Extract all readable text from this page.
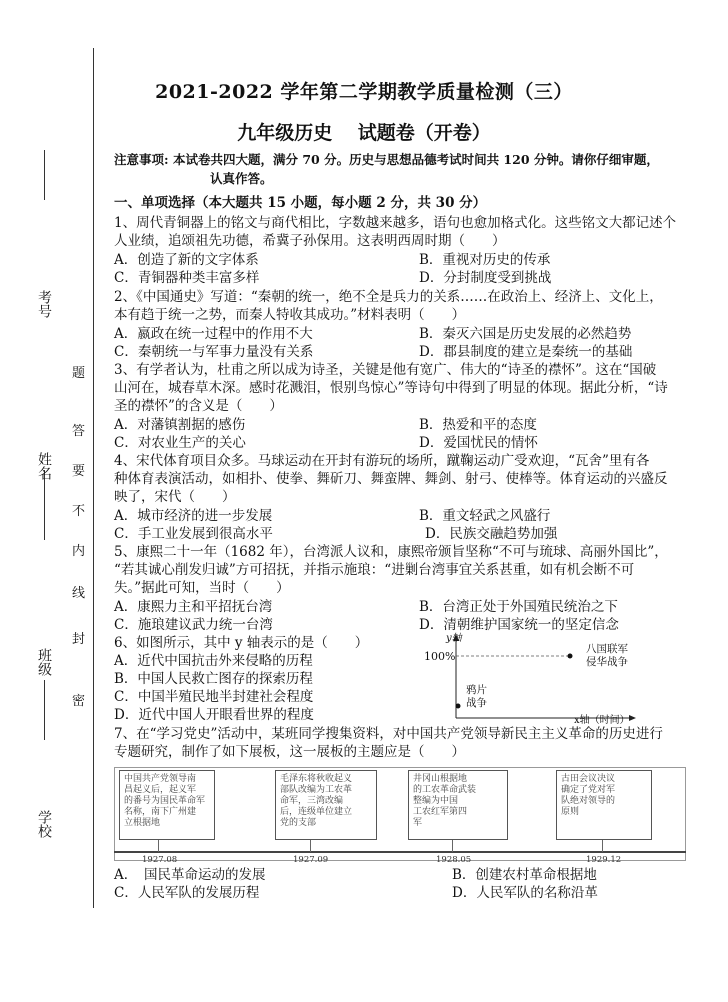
考号
姓名
班级
学校
题
答
要
不
内
线
封
密
2021-2022 学年第二学期教学质量检测（三）
九年级历史　 试题卷（开卷）
注意事项: 本试卷共四大题，满分 70 分。历史与思想品德考试时间共 120 分钟。请你仔细审题，
认真作答。
一、单项选择（本大题共 15 小题，每小题 2 分，共 30 分）
1、周代青铜器上的铭文与商代相比，字数越来越多，语句也愈加格式化。这些铭文大都记述个
人业绩，追颂祖先功德，希冀子孙保用。这表明西周时期（　　）
A．创造了新的文字体系	B．重视对历史的传承
C．青铜器种类丰富多样	D．分封制度受到挑战
2、《中国通史》写道：“秦朝的统一，绝不全是兵力的关系……在政治上、经济上、文化上，
本有趋于统一之势，而秦人特收其成功。”材料表明（　　）
A．嬴政在统一过程中的作用不大	B．秦灭六国是历史发展的必然趋势
C．秦朝统一与军事力量没有关系	D．郡县制度的建立是秦统一的基础
3、有学者认为，杜甫之所以成为诗圣，关键是他有宽广、伟大的“诗圣的襟怀”。这在“国破
山河在，城春草木深。感时花溅泪，恨别鸟惊心”等诗句中得到了明显的体现。据此分析，“诗
圣的襟怀”的含义是（　　）
A．对藩镇割据的感伤	B．热爱和平的态度
C．对农业生产的关心	D．爱国忧民的情怀
4、宋代体育项目众多。马球运动在开封有游玩的场所，蹴鞠运动广受欢迎，“瓦舍”里有各
种体育表演活动，如相扑、使拳、舞斫刀、舞蛮牌、舞剑、射弓、使棒等。体育运动的兴盛反
映了，宋代（　　）
A．城市经济的进一步发展	B．重文轻武之风盛行
C．手工业发展到很高水平	D．民族交融趋势加强
5、康熙二十一年（1682 年），台湾派人议和，康熙帝颁旨坚称“不可与琉球、高丽外国比”，
“若其诚心削发归诚”方可招抚，并指示施琅：“进剿台湾事宜关系甚重，如有机会断不可
失。”据此可知，当时（　　）
A．康熙力主和平招抚台湾	B．台湾正处于外国殖民统治之下
C．施琅建议武力统一台湾	D．清朝维护国家统一的坚定信念
6、如图所示，其中 y 轴表示的是（　　）
A．近代中国抗击外来侵略的历程
B．中国人民救亡图存的探索历程
C．中国半殖民地半封建社会程度
D．近代中国人开眼看世界的程度
y轴
100%
x轴（时间）
鸦片
战争
八国联军
侵华战争
7、在“学习党史”活动中，某班同学搜集资料，对中国共产党领导新民主主义革命的历史进行
专题研究，制作了如下展板，这一展板的主题应是（　　）
中国共产党领导南
昌起义后，起义军
的番号为国民革命军
名称，南下广州建
立根据地
毛泽东将秋收起义
部队改编为工农革
命军，三湾改编
后，连级单位建立
党的支部
井冈山根据地
的工农革命武装
整编为中国
工农红军第四
军
古田会议决议
确定了党对军
队绝对领导的
原则
1927.08	1927.09	1928.05	1929.12
A．　国民革命运动的发展	B．创建农村革命根据地
C．人民军队的发展历程	D．人民军队的名称沿革
